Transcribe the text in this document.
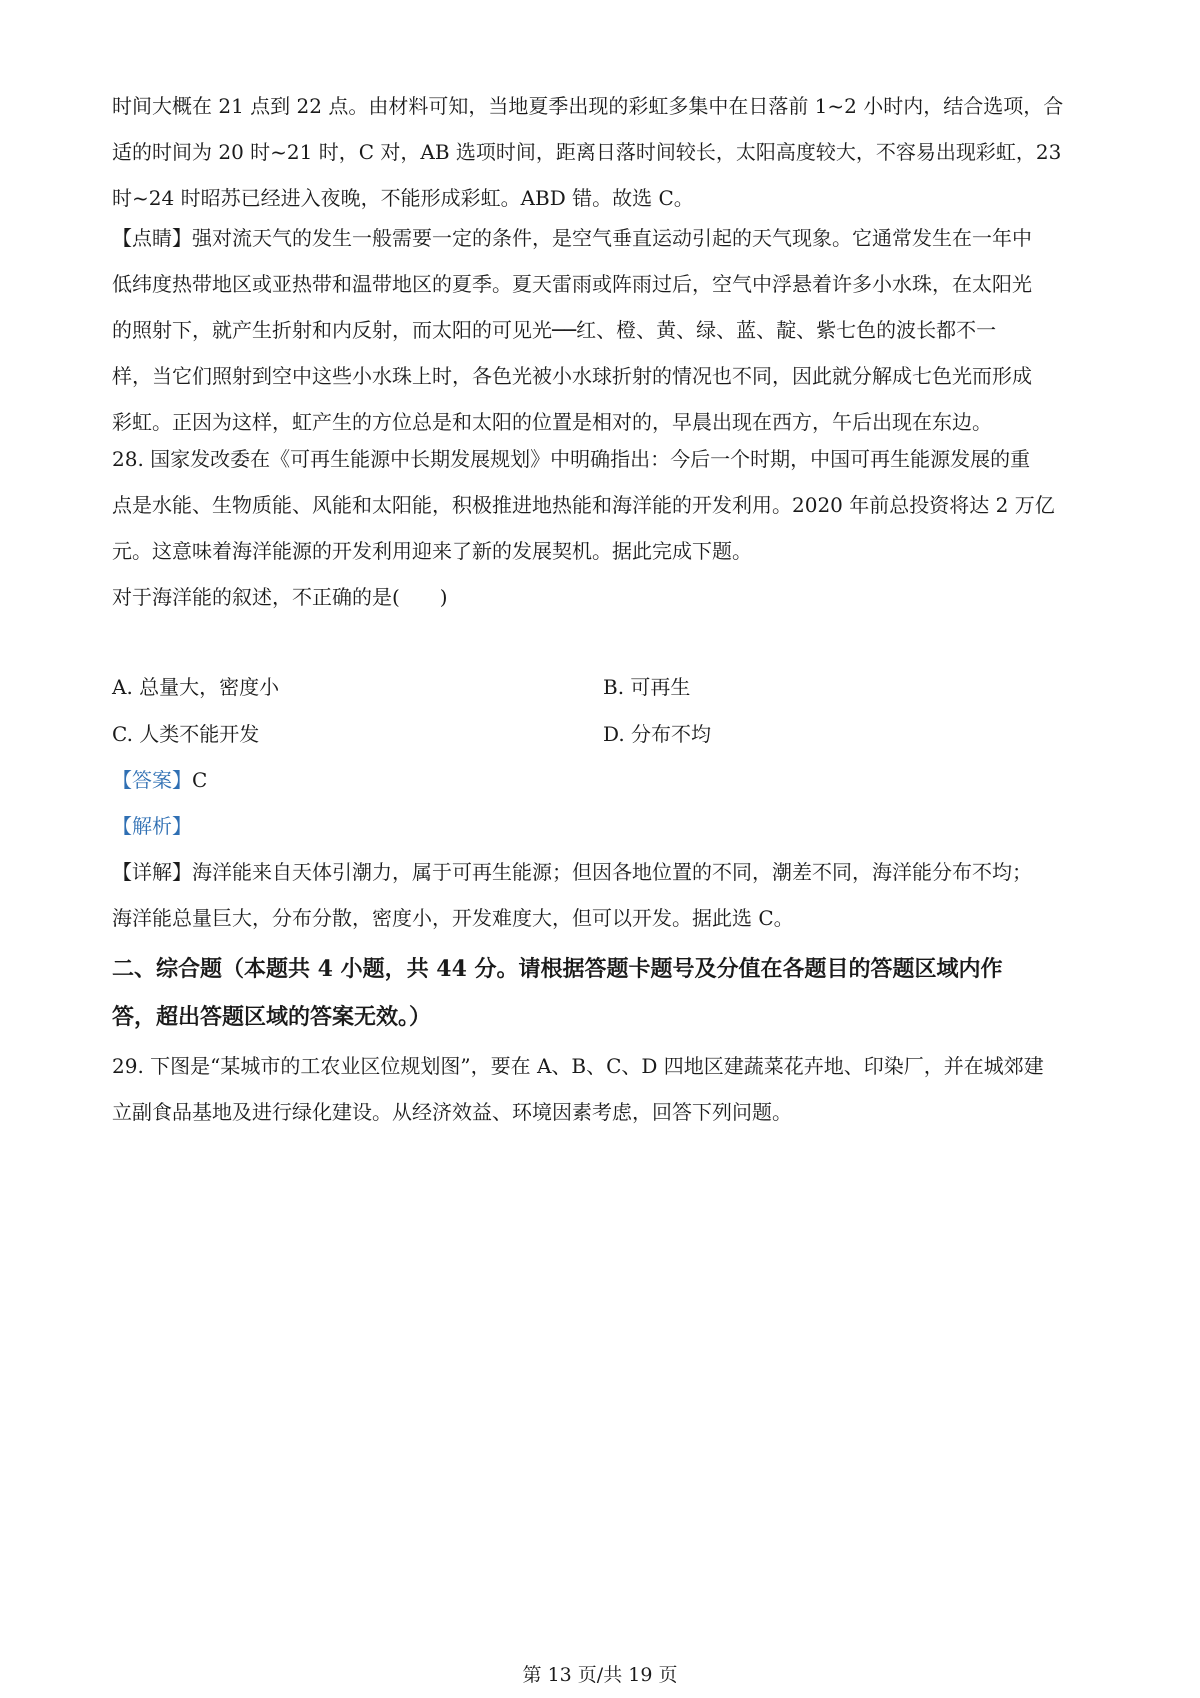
时间大概在 21 点到 22 点。由材料可知，当地夏季出现的彩虹多集中在日落前 1~2 小时内，结合选项，合

适的时间为 20 时~21 时，C 对，AB 选项时间，距离日落时间较长，太阳高度较大，不容易出现彩虹，23

时~24 时昭苏已经进入夜晚，不能形成彩虹。ABD 错。故选 C。

【点睛】强对流天气的发生一般需要一定的条件，是空气垂直运动引起的天气现象。它通常发生在一年中

低纬度热带地区或亚热带和温带地区的夏季。夏天雷雨或阵雨过后，空气中浮悬着许多小水珠，在太阳光

的照射下，就产生折射和内反射，而太阳的可见光──红、橙、黄、绿、蓝、靛、紫七色的波长都不一

样，当它们照射到空中这些小水珠上时，各色光被小水球折射的情况也不同，因此就分解成七色光而形成

彩虹。正因为这样，虹产生的方位总是和太阳的位置是相对的，早晨出现在西方，午后出现在东边。

28. 国家发改委在《可再生能源中长期发展规划》中明确指出：今后一个时期，中国可再生能源发展的重

点是水能、生物质能、风能和太阳能，积极推进地热能和海洋能的开发利用。2020 年前总投资将达 2 万亿

元。这意味着海洋能源的开发利用迎来了新的发展契机。据此完成下题。

对于海洋能的叙述，不正确的是(　　)

A. 总量大，密度小	B. 可再生
C. 人类不能开发	D. 分布不均

【答案】C

【解析】

【详解】海洋能来自天体引潮力，属于可再生能源；但因各地位置的不同，潮差不同，海洋能分布不均；

海洋能总量巨大，分布分散，密度小，开发难度大，但可以开发。据此选 C。

二、综合题（本题共 4 小题，共 44 分。请根据答题卡题号及分值在各题目的答题区域内作

答，超出答题区域的答案无效。）

29. 下图是“某城市的工农业区位规划图”，要在 A、B、C、D 四地区建蔬菜花卉地、印染厂，并在城郊建

立副食品基地及进行绿化建设。从经济效益、环境因素考虑，回答下列问题。

第 13 页/共 19 页
